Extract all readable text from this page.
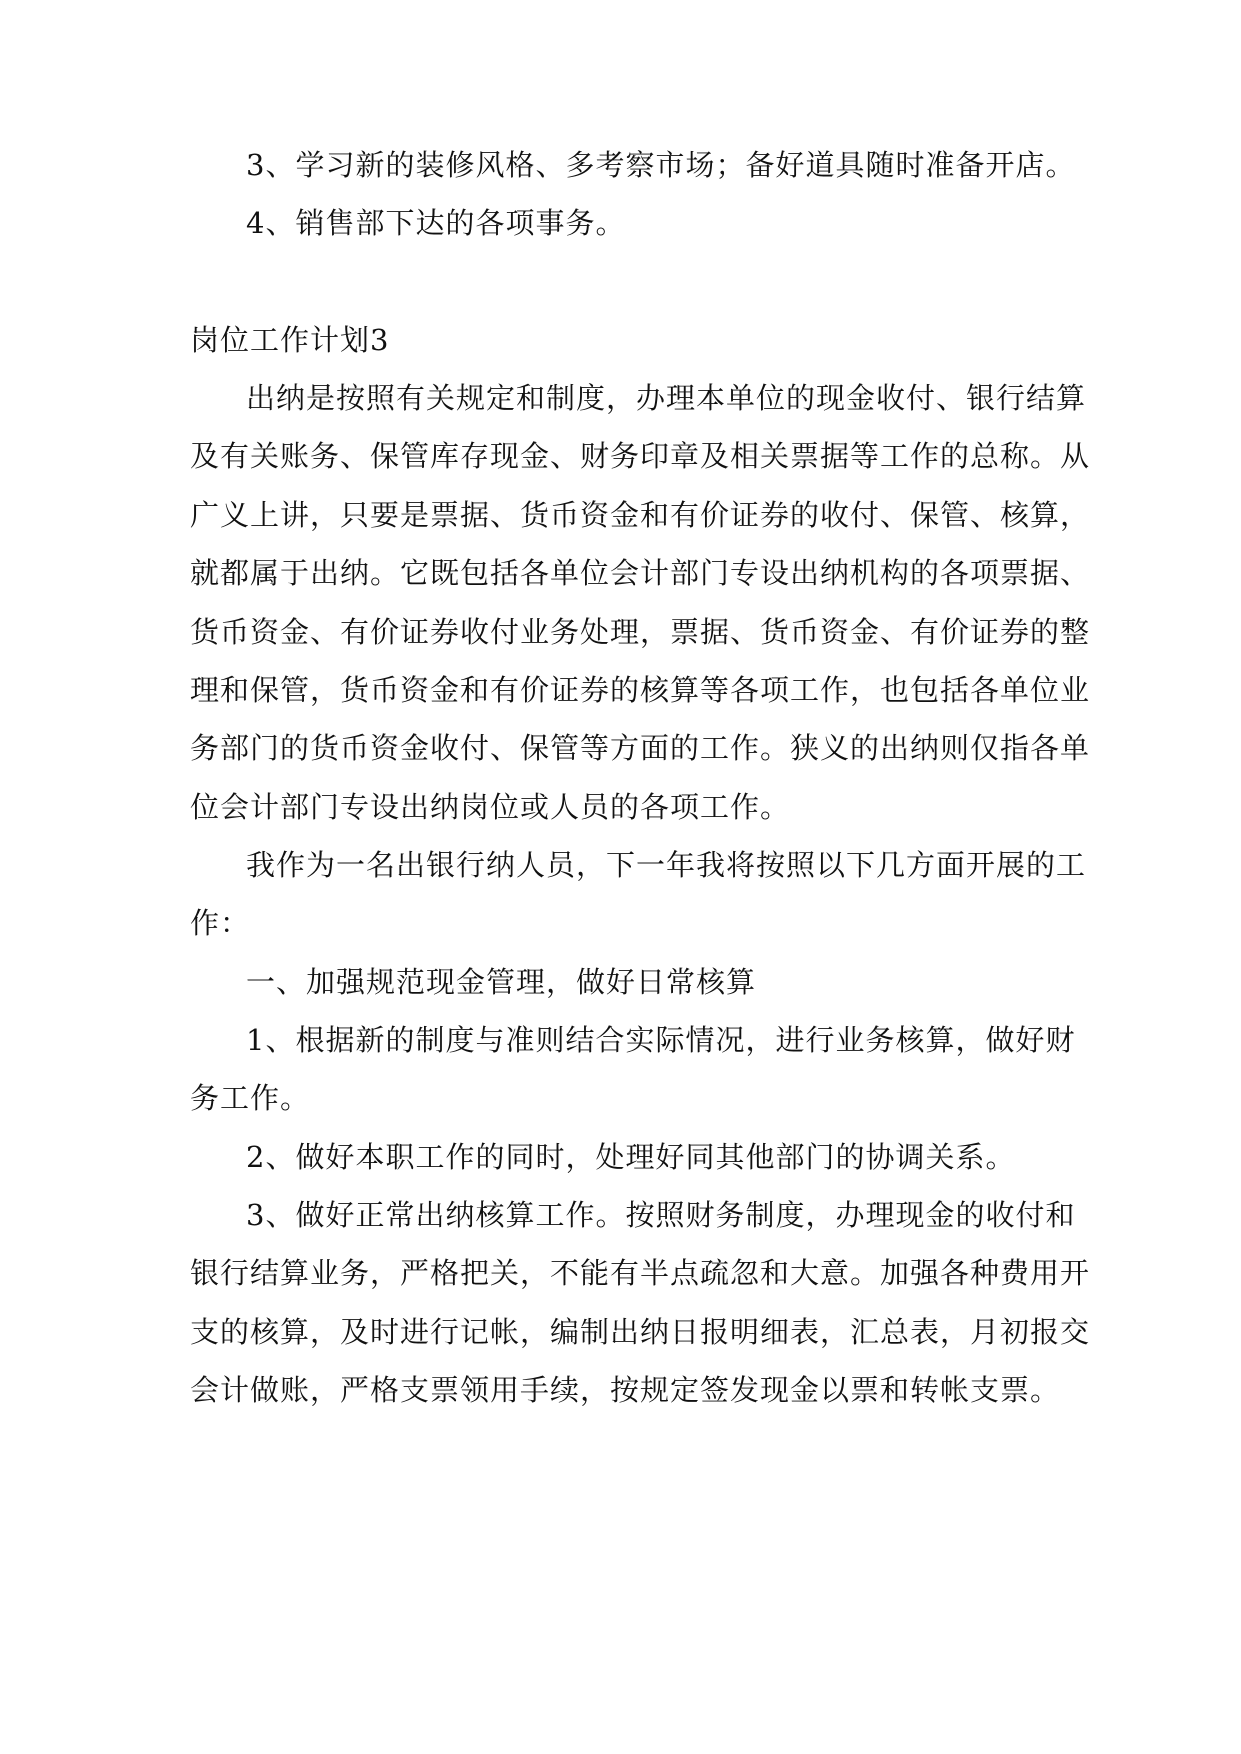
3、学习新的装修风格、多考察市场；备好道具随时准备开店。
4、销售部下达的各项事务。
岗位工作计划3
出纳是按照有关规定和制度，办理本单位的现金收付、银行结算
及有关账务、保管库存现金、财务印章及相关票据等工作的总称。从
广义上讲，只要是票据、货币资金和有价证券的收付、保管、核算，
就都属于出纳。它既包括各单位会计部门专设出纳机构的各项票据、
货币资金、有价证券收付业务处理，票据、货币资金、有价证券的整
理和保管，货币资金和有价证券的核算等各项工作，也包括各单位业
务部门的货币资金收付、保管等方面的工作。狭义的出纳则仅指各单
位会计部门专设出纳岗位或人员的各项工作。
我作为一名出银行纳人员，下一年我将按照以下几方面开展的工
作：
一、加强规范现金管理，做好日常核算
1、根据新的制度与准则结合实际情况，进行业务核算，做好财
务工作。
2、做好本职工作的同时，处理好同其他部门的协调关系。
3、做好正常出纳核算工作。按照财务制度，办理现金的收付和
银行结算业务，严格把关，不能有半点疏忽和大意。加强各种费用开
支的核算，及时进行记帐，编制出纳日报明细表，汇总表，月初报交
会计做账，严格支票领用手续，按规定签发现金以票和转帐支票。
